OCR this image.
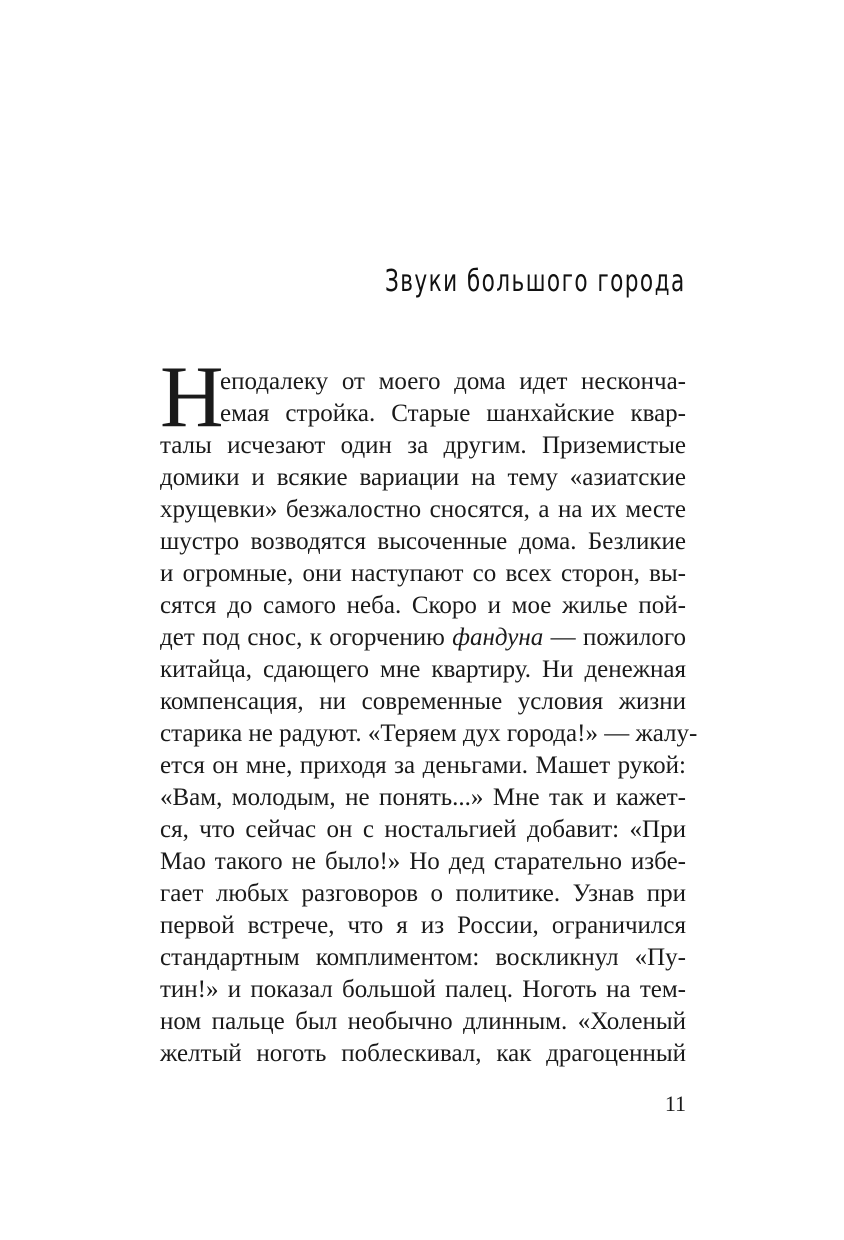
Звуки большого города
Н
еподалеку от моего дома идет несконча-
емая стройка. Старые шанхайские квар-
талы исчезают один за другим. Приземистые
домики и всякие вариации на тему «азиатские
хрущевки» безжалостно сносятся, а на их месте
шустро возводятся высоченные дома. Безликие
и огромные, они наступают со всех сторон, вы-
сятся до самого неба. Скоро и мое жилье пой-
дет под снос, к огорчению фандуна — пожилого
китайца, сдающего мне квартиру. Ни денежная
компенсация, ни современные условия жизни
старика не радуют. «Теряем дух города!» — жалу-
ется он мне, приходя за деньгами. Машет рукой:
«Вам, молодым, не понять...» Мне так и кажет-
ся, что сейчас он с ностальгией добавит: «При
Мао такого не было!» Но дед старательно избе-
гает любых разговоров о политике. Узнав при
первой встрече, что я из России, ограничился
стандартным комплиментом: воскликнул «Пу-
тин!» и показал большой палец. Ноготь на тем-
ном пальце был необычно длинным. «Холеный
желтый ноготь поблескивал, как драгоценный
11
